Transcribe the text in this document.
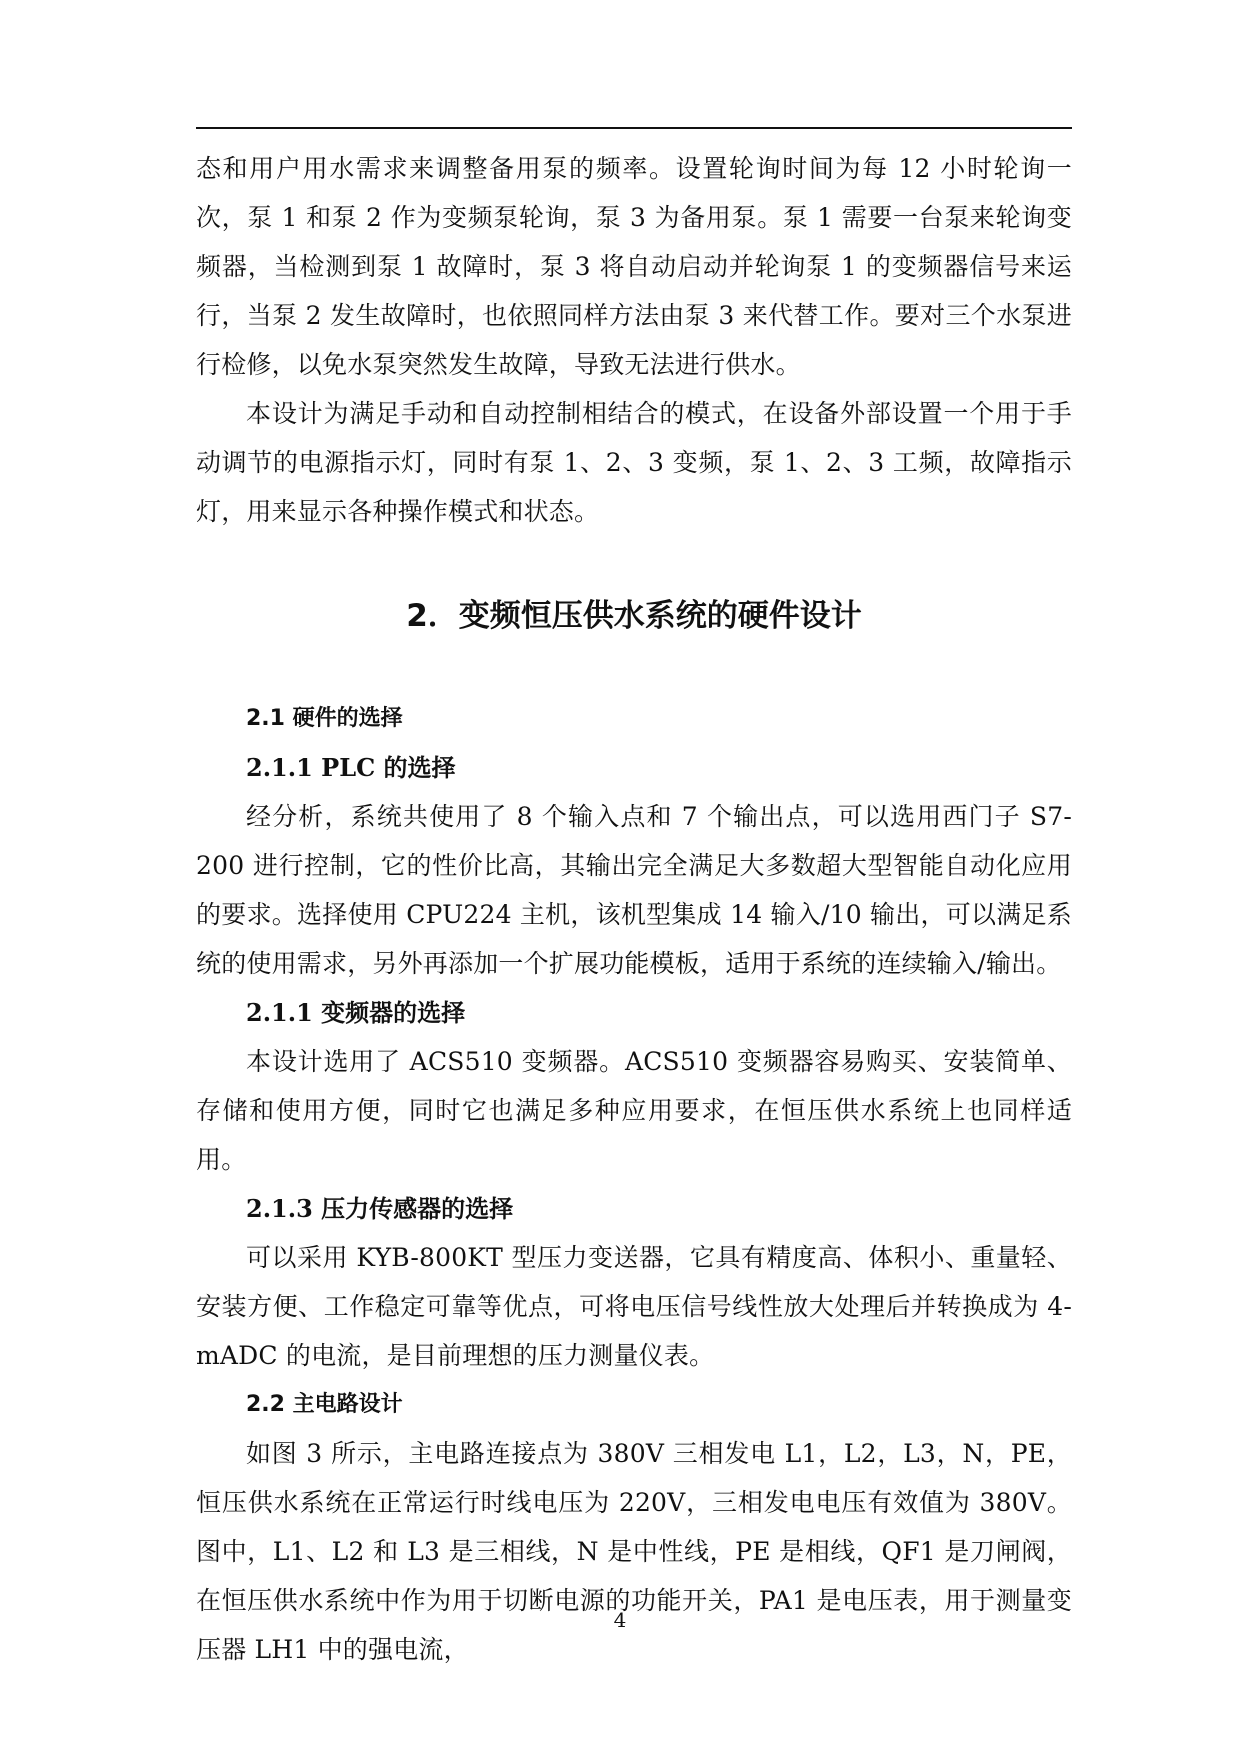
态和用户用水需求来调整备用泵的频率。设置轮询时间为每 12 小时轮询一次，泵 1 和泵 2 作为变频泵轮询，泵 3 为备用泵。泵 1 需要一台泵来轮询变频器，当检测到泵 1 故障时，泵 3 将自动启动并轮询泵 1 的变频器信号来运行，当泵 2 发生故障时，也依照同样方法由泵 3 来代替工作。要对三个水泵进行检修，以免水泵突然发生故障，导致无法进行供水。

本设计为满足手动和自动控制相结合的模式，在设备外部设置一个用于手动调节的电源指示灯，同时有泵 1、2、3 变频，泵 1、2、3 工频，故障指示灯，用来显示各种操作模式和状态。

2．变频恒压供水系统的硬件设计
2.1 硬件的选择
2.1.1 PLC 的选择

经分析，系统共使用了 8 个输入点和 7 个输出点，可以选用西门子 S7-200 进行控制，它的性价比高，其输出完全满足大多数超大型智能自动化应用的要求。选择使用 CPU224 主机，该机型集成 14 输入/10 输出，可以满足系统的使用需求，另外再添加一个扩展功能模板，适用于系统的连续输入/输出。

2.1.1 变频器的选择

本设计选用了 ACS510 变频器。ACS510 变频器容易购买、安装简单、存储和使用方便，同时它也满足多种应用要求，在恒压供水系统上也同样适用。

2.1.3 压力传感器的选择

可以采用 KYB-800KT 型压力变送器，它具有精度高、体积小、重量轻、安装方便、工作稳定可靠等优点，可将电压信号线性放大处理后并转换成为 4-mADC 的电流，是目前理想的压力测量仪表。

2.2 主电路设计

如图 3 所示，主电路连接点为 380V 三相发电 L1，L2，L3，N，PE，恒压供水系统在正常运行时线电压为 220V，三相发电电压有效值为 380V。图中，L1、L2 和 L3 是三相线，N 是中性线，PE 是相线，QF1 是刀闸阀，在恒压供水系统中作为用于切断电源的功能开关，PA1 是电压表，用于测量变压器 LH1 中的强电流，

4
